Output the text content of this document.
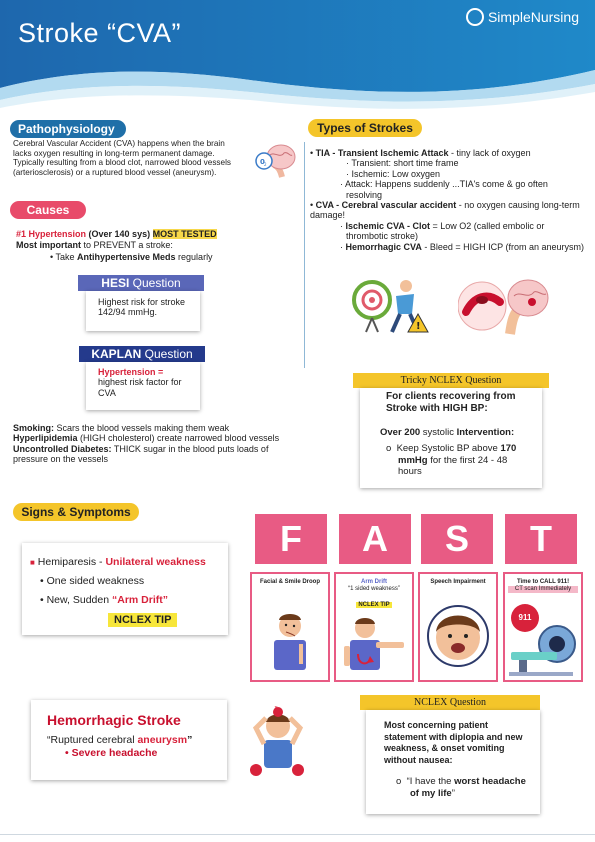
Stroke “CVA”
SimpleNursing
Pathophysiology
Cerebral Vascular Accident (CVA) happens when the brain lacks oxygen resulting in long-term permanent damage. Typically resulting from a blood clot, narrowed blood vessels (arteriosclerosis) or a ruptured blood vessel (aneurysm).
0 2
Causes
#1 Hypertension (Over 140 sys) MOST TESTED
Most important to PREVENT a stroke:
• Take Antihypertensive Meds regularly
HESI Question
Highest risk for stroke 142/94 mmHg.
KAPLAN Question
Hypertension =
highest risk factor for CVA
Smoking: Scars the blood vessels making them weak
Hyperlipidemia (HIGH cholesterol) create narrowed blood vessels
Uncontrolled Diabetes: THICK sugar in the blood puts loads of pressure on the vessels
Types of Strokes
• TIA - Transient Ischemic Attack - tiny lack of oxygen
· Transient: short time frame
· Ischemic: Low oxygen
· Attack: Happens suddenly ...TIA's come & go often resolving
• CVA - Cerebral vascular accident - no oxygen causing long-term damage!
· Ischemic CVA - Clot = Low O2 (called embolic or thrombotic stroke)
· Hemorrhagic CVA - Bleed = HIGH ICP (from an aneurysm)
!
Tricky NCLEX Question
For clients recovering from Stroke with HIGH BP:
Over 200 systolic Intervention:
o  Keep Systolic BP above 170 mmHg for the first 24 - 48 hours
Signs & Symptoms
■ Hemiparesis - Unilateral weakness
• One sided weakness
• New, Sudden “Arm Drift”
NCLEX TIP
F	A	S	T
Facial & Smile Droop	Arm Drift
“1 sided weakness”
NCLEX TIP
Speech Impairment	Time to CALL 911!
CT scan Immediately
911
Hemorrhagic Stroke
“Ruptured cerebral aneurysm”
• Severe headache
✕	NCLEX Question
Most concerning patient statement with diplopia and new weakness, & onset vomiting without nausea:
o  “I have the worst headache of my life”
